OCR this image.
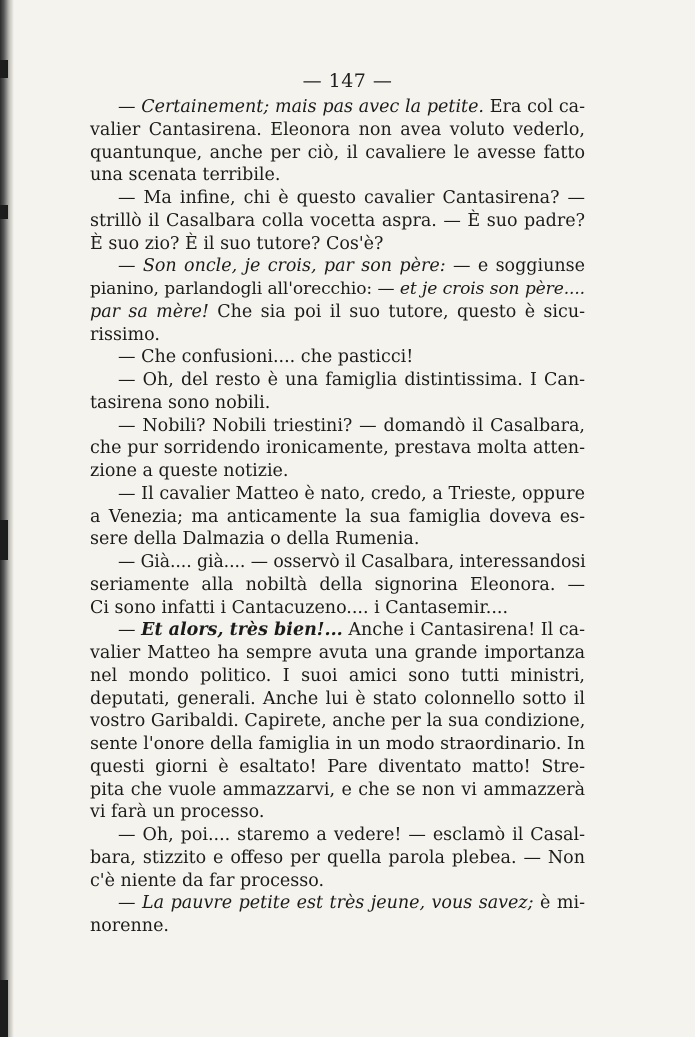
— 147 —
— Certainement; mais pas avec la petite. Era col ca-
valier Cantasirena. Eleonora non avea voluto vederlo,
quantunque, anche per ciò, il cavaliere le avesse fatto
una scenata terribile.
— Ma infine, chi è questo cavalier Cantasirena? —
strillò il Casalbara colla vocetta aspra. — È suo padre?
È suo zio? È il suo tutore? Cos'è?
— Son oncle, je crois, par son père: — e soggiunse
pianino, parlandogli all'orecchio: — et je crois son père....
par sa mère! Che sia poi il suo tutore, questo è sicu-
rissimo.
— Che confusioni.... che pasticci!
— Oh, del resto è una famiglia distintissima. I Can-
tasirena sono nobili.
— Nobili? Nobili triestini? — domandò il Casalbara,
che pur sorridendo ironicamente, prestava molta atten-
zione a queste notizie.
— Il cavalier Matteo è nato, credo, a Trieste, oppure
a Venezia; ma anticamente la sua famiglia doveva es-
sere della Dalmazia o della Rumenia.
— Già.... già.... — osservò il Casalbara, interessandosi
seriamente alla nobiltà della signorina Eleonora. —
Ci sono infatti i Cantacuzeno.... i Cantasemir....
— Et alors, très bien!... Anche i Cantasirena! Il ca-
valier Matteo ha sempre avuta una grande importanza
nel mondo politico. I suoi amici sono tutti ministri,
deputati, generali. Anche lui è stato colonnello sotto il
vostro Garibaldi. Capirete, anche per la sua condizione,
sente l'onore della famiglia in un modo straordinario. In
questi giorni è esaltato! Pare diventato matto! Stre-
pita che vuole ammazzarvi, e che se non vi ammazzerà
vi farà un processo.
— Oh, poi.... staremo a vedere! — esclamò il Casal-
bara, stizzito e offeso per quella parola plebea. — Non
c'è niente da far processo.
— La pauvre petite est très jeune, vous savez; è mi-
norenne.
